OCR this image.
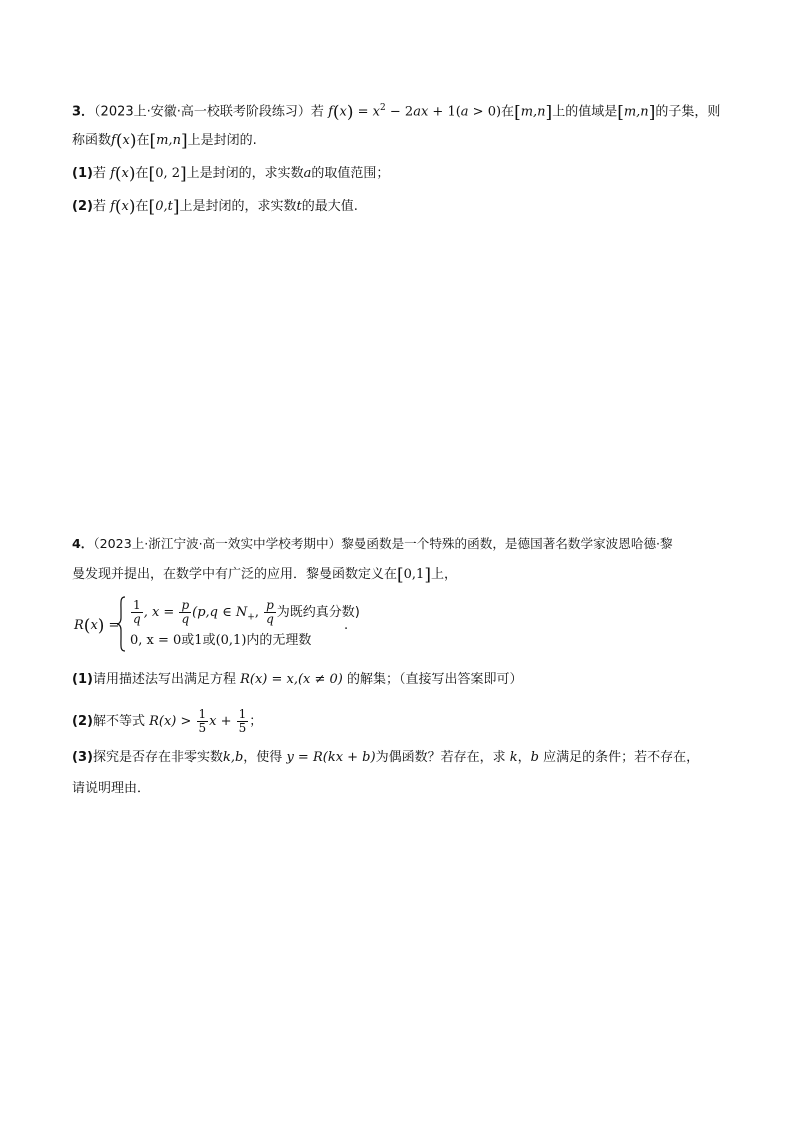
3．（2023上·安徽·高一校联考阶段练习）若 $f(x) = x^2 - 2ax + 1(a > 0)$在[m,n]上的值域是[m,n]的子集，则
称函数f(x)在[m,n]上是封闭的.
(1)若 f(x)在[0, 2]上是封闭的，求实数a的取值范围；
(2)若 f(x)在[0,t]上是封闭的，求实数t的最大值.
4．（2023上·浙江宁波·高一效实中学校考期中）黎曼函数是一个特殊的函数，是德国著名数学家波恩哈德·黎
曼发现并提出，在数学中有广泛的应用．黎曼函数定义在[0,1]上，
$R(x) = \frac{1}{q}$ , $x = \frac{p}{q} (p,q$ ∈ $N_+$, $\frac{p}{q}$ 为既约真分数)
0, x = 0或1或(0,1)内的无理数
.
(1)请用描述法写出满足方程 R(x) = x,(x ≠ 0) 的解集；（直接写出答案即可）
(2)解不等式 $R(x) > \frac{1}{5}$ $x + \frac{1}{5}$ ；
(3)探究是否存在非零实数k,b，使得 y = R(kx + b)为偶函数？若存在，求 k，b 应满足的条件；若不存在，
请说明理由．
